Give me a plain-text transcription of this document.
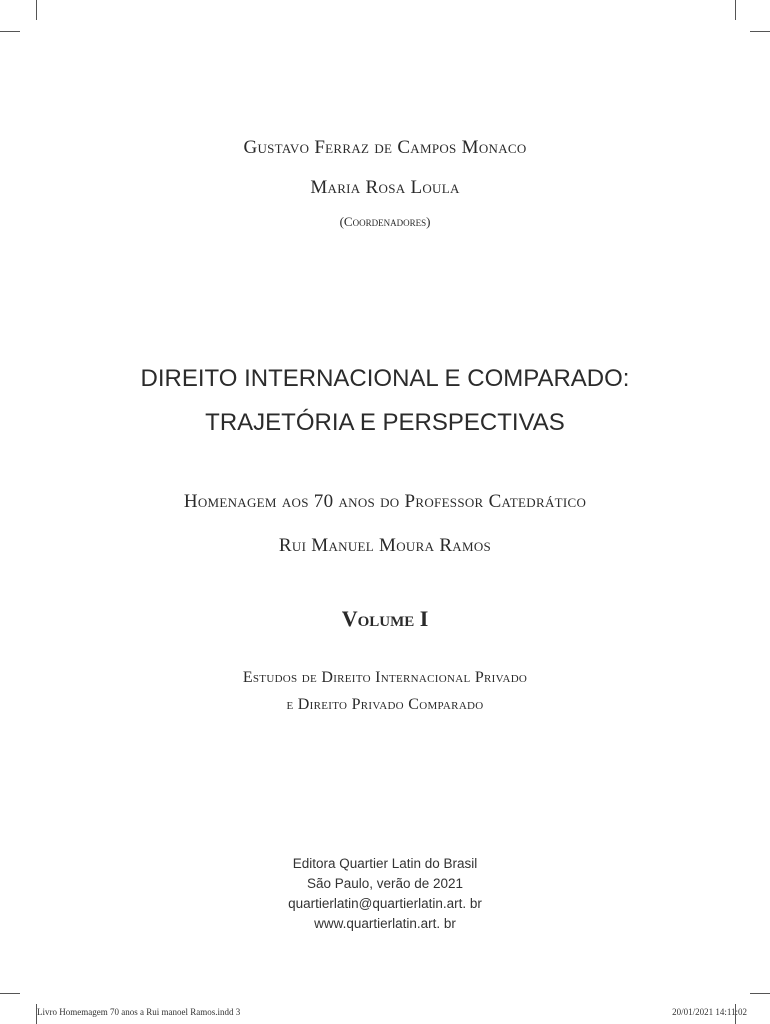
Gustavo Ferraz de Campos Monaco
Maria Rosa Loula
(Coordenadores)
DIREITO INTERNACIONAL E COMPARADO:
TRAJETÓRIA E PERSPECTIVAS
Homenagem aos 70 anos do Professor Catedrático
Rui Manuel Moura Ramos
Volume I
Estudos de Direito Internacional Privado
e Direito Privado Comparado
Editora Quartier Latin do Brasil
São Paulo, verão de 2021
quartierlatin@quartierlatin.art. br
www.quartierlatin.art. br
Livro Homemagem 70 anos a Rui manoel Ramos.indd 3	20/01/2021 14:11:02
